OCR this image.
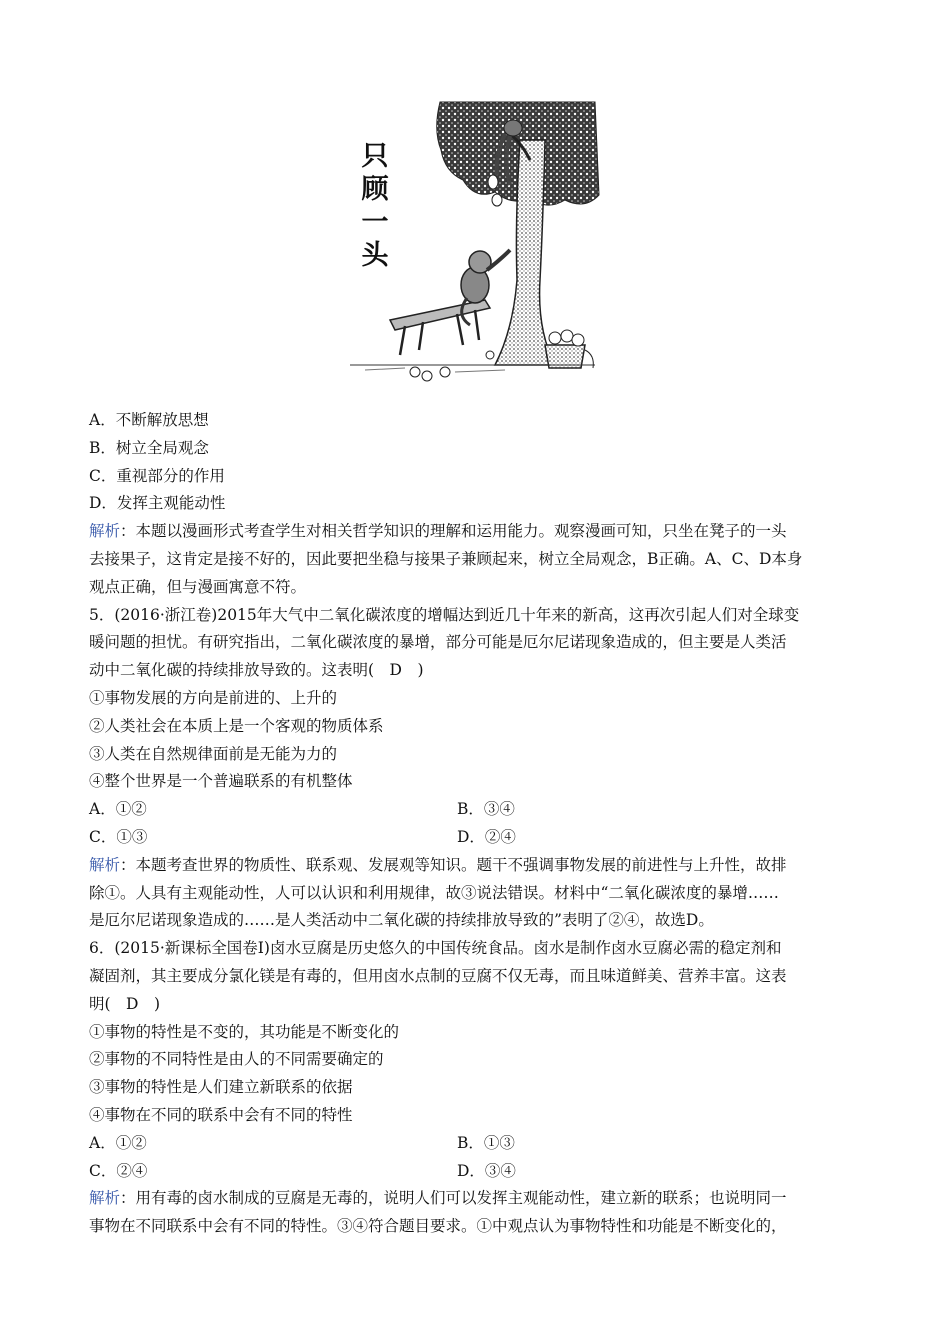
只
顾
一
头
A．不断解放思想
B．树立全局观念
C．重视部分的作用
D．发挥主观能动性
解析：本题以漫画形式考查学生对相关哲学知识的理解和运用能力。观察漫画可知，只坐在凳子的一头
去接果子，这肯定是接不好的，因此要把坐稳与接果子兼顾起来，树立全局观念，B正确。A、C、D本身
观点正确，但与漫画寓意不符。
5．(2016·浙江卷)2015年大气中二氧化碳浓度的增幅达到近几十年来的新高，这再次引起人们对全球变
暖问题的担忧。有研究指出，二氧化碳浓度的暴增，部分可能是厄尔尼诺现象造成的，但主要是人类活
动中二氧化碳的持续排放导致的。这表明(　D　)
①事物发展的方向是前进的、上升的
②人类社会在本质上是一个客观的物质体系
③人类在自然规律面前是无能为力的
④整个世界是一个普遍联系的有机整体
A．①②	B．③④
C．①③	D．②④
解析：本题考查世界的物质性、联系观、发展观等知识。题干不强调事物发展的前进性与上升性，故排
除①。人具有主观能动性，人可以认识和利用规律，故③说法错误。材料中“二氧化碳浓度的暴增……
是厄尔尼诺现象造成的……是人类活动中二氧化碳的持续排放导致的”表明了②④，故选D。
6．(2015·新课标全国卷Ⅰ)卤水豆腐是历史悠久的中国传统食品。卤水是制作卤水豆腐必需的稳定剂和
凝固剂，其主要成分氯化镁是有毒的，但用卤水点制的豆腐不仅无毒，而且味道鲜美、营养丰富。这表
明(　D　)
①事物的特性是不变的，其功能是不断变化的
②事物的不同特性是由人的不同需要确定的
③事物的特性是人们建立新联系的依据
④事物在不同的联系中会有不同的特性
A．①②	B．①③
C．②④	D．③④
解析：用有毒的卤水制成的豆腐是无毒的，说明人们可以发挥主观能动性，建立新的联系；也说明同一
事物在不同联系中会有不同的特性。③④符合题目要求。①中观点认为事物特性和功能是不断变化的，
